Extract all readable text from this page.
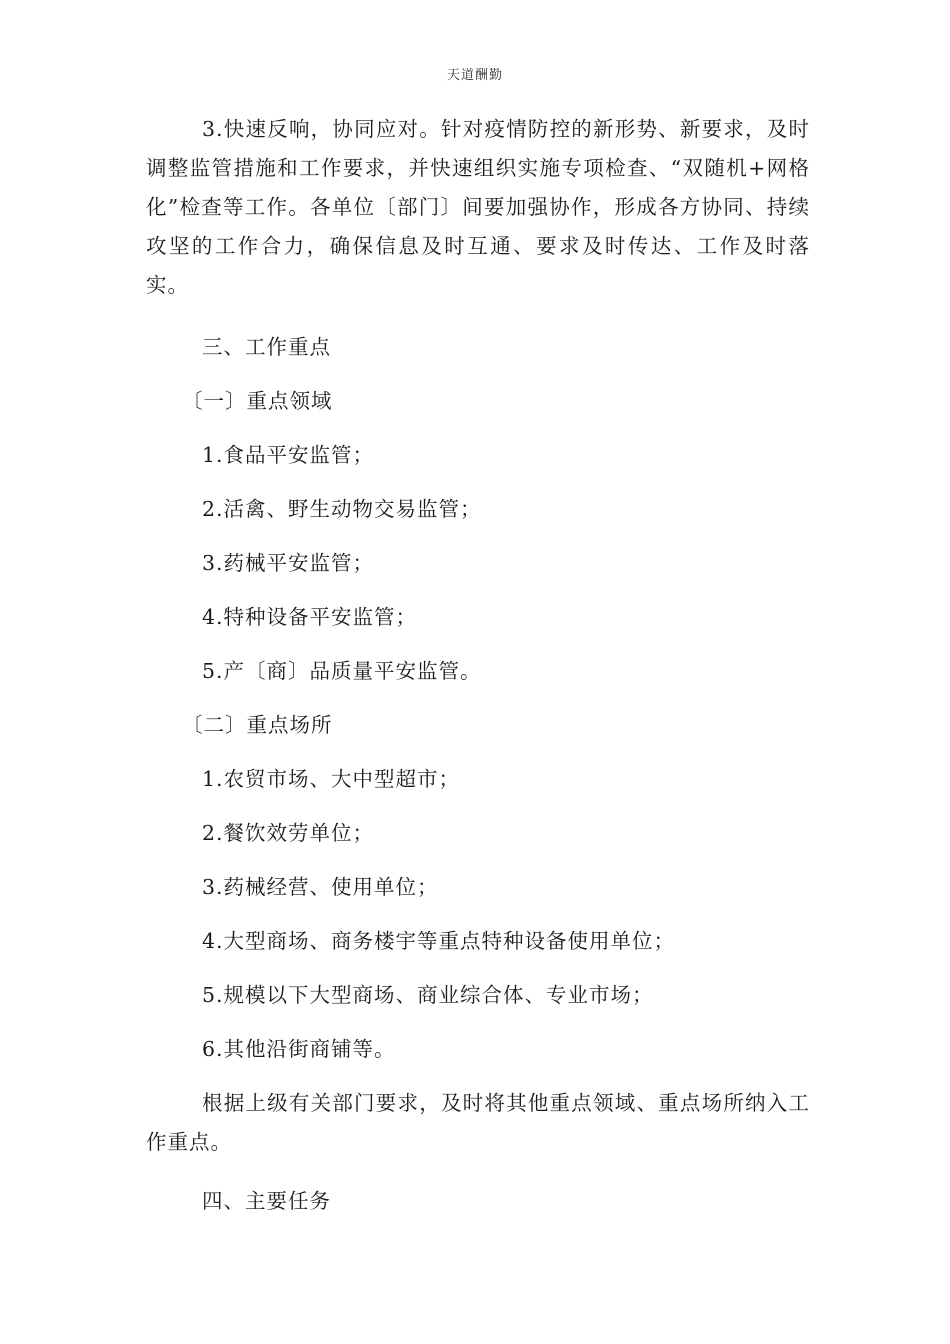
天道酬勤

3.快速反响，协同应对。针对疫情防控的新形势、新要求，及时调整监管措施和工作要求，并快速组织实施专项检查、“双随机+网格化”检查等工作。各单位〔部门〕间要加强协作，形成各方协同、持续攻坚的工作合力，确保信息及时互通、要求及时传达、工作及时落实。

三、工作重点

〔一〕重点领域

1.食品平安监管；

2.活禽、野生动物交易监管；

3.药械平安监管；

4.特种设备平安监管；

5.产〔商〕品质量平安监管。

〔二〕重点场所

1.农贸市场、大中型超市；

2.餐饮效劳单位；

3.药械经营、使用单位；

4.大型商场、商务楼宇等重点特种设备使用单位；

5.规模以下大型商场、商业综合体、专业市场；

6.其他沿街商铺等。

根据上级有关部门要求，及时将其他重点领域、重点场所纳入工作重点。

四、主要任务
